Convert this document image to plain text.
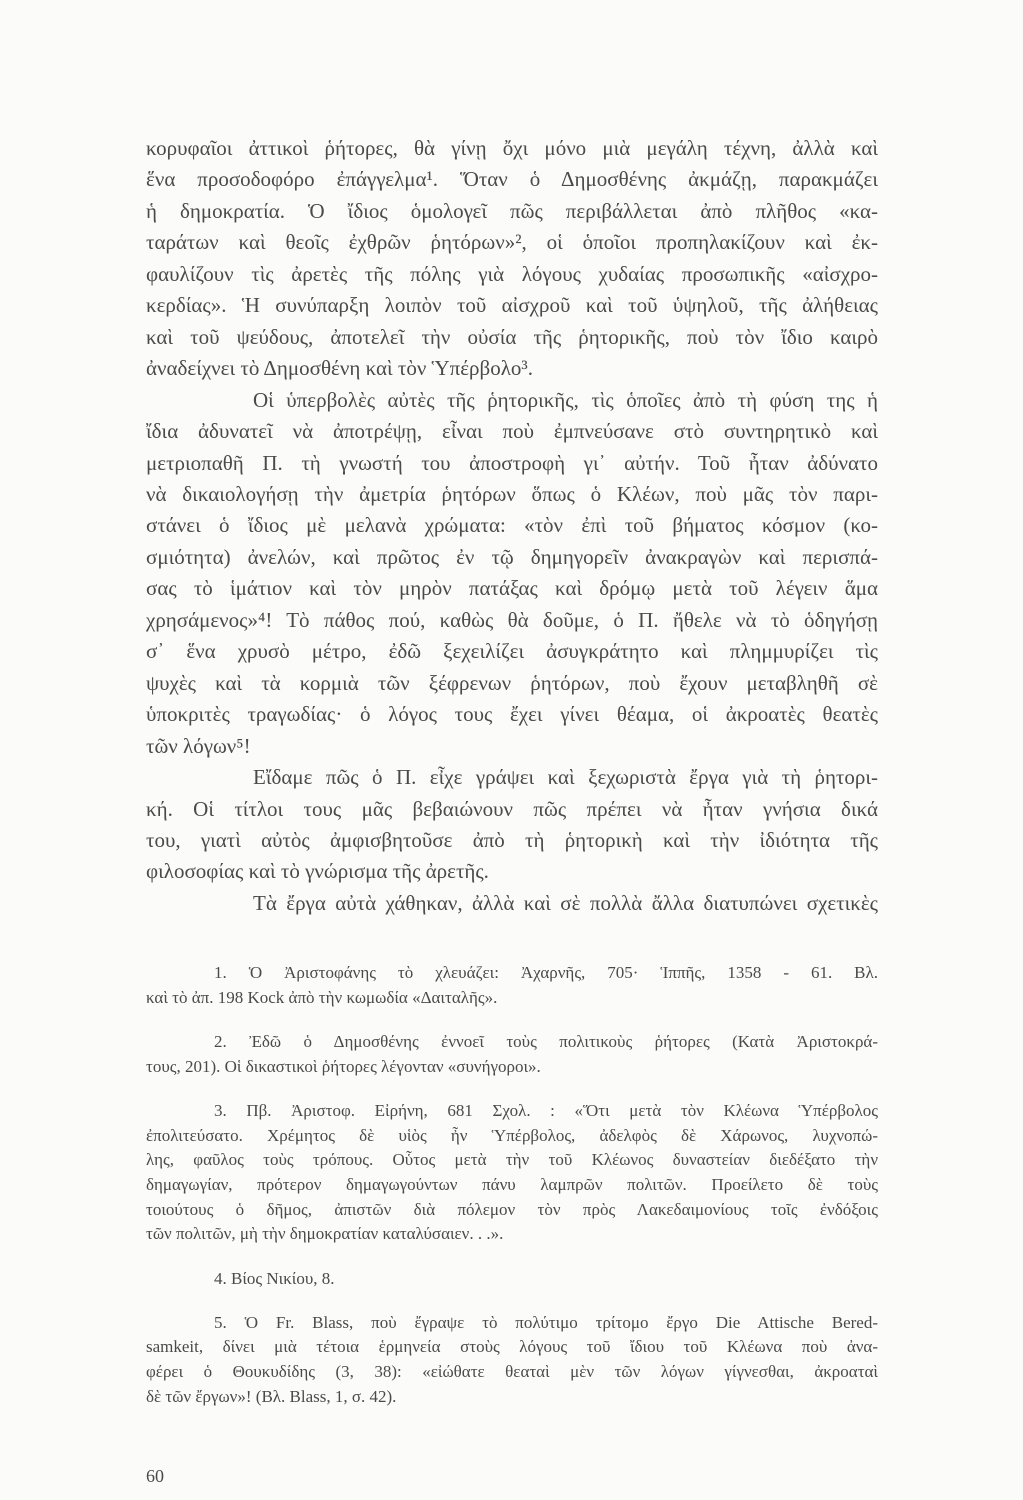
κορυφαῖοι ἀττικοὶ ῥήτορες, θὰ γίνῃ ὄχι μόνο μιὰ μεγάλη τέχνη, ἀλλὰ καὶ
ἕνα προσοδοφόρο ἐπάγγελμα¹. Ὅταν ὁ Δημοσθένης ἀκμάζῃ, παρακμάζει
ἡ δημοκρατία. Ὁ ἴδιος ὁμολογεῖ πῶς περιβάλλεται ἀπὸ πλῆθος «κα-
ταράτων καὶ θεοῖς ἐχθρῶν ῥητόρων»², οἱ ὁποῖοι προπηλακίζουν καὶ ἐκ-
φαυλίζουν τὶς ἀρετὲς τῆς πόλης γιὰ λόγους χυδαίας προσωπικῆς «αἰσχρο-
κερδίας». Ἡ συνύπαρξη λοιπὸν τοῦ αἰσχροῦ καὶ τοῦ ὑψηλοῦ, τῆς ἀλήθειας
καὶ τοῦ ψεύδους, ἀποτελεῖ τὴν οὐσία τῆς ῥητορικῆς, ποὺ τὸν ἴδιο καιρὸ
ἀναδείχνει τὸ Δημοσθένη καὶ τὸν Ὑπέρβολο³.
Οἱ ὑπερβολὲς αὐτὲς τῆς ῥητορικῆς, τὶς ὁποῖες ἀπὸ τὴ φύση της ἡ
ἴδια ἀδυνατεῖ νὰ ἀποτρέψῃ, εἶναι ποὺ ἐμπνεύσανε στὸ συντηρητικὸ καὶ
μετριοπαθῆ Π. τὴ γνωστή του ἀποστροφὴ γι᾽ αὐτήν. Τοῦ ἦταν ἀδύνατο
νὰ δικαιολογήσῃ τὴν ἀμετρία ῥητόρων ὅπως ὁ Κλέων, ποὺ μᾶς τὸν παρι-
στάνει ὁ ἴδιος μὲ μελανὰ χρώματα: «τὸν ἐπὶ τοῦ βήματος κόσμον (κο-
σμιότητα) ἀνελών, καὶ πρῶτος ἐν τῷ δημηγορεῖν ἀνακραγὼν καὶ περισπά-
σας τὸ ἱμάτιον καὶ τὸν μηρὸν πατάξας καὶ δρόμῳ μετὰ τοῦ λέγειν ἅμα
χρησάμενος»⁴! Τὸ πάθος πού, καθὼς θὰ δοῦμε, ὁ Π. ἤθελε νὰ τὸ ὁδηγήσῃ
σ᾽ ἕνα χρυσὸ μέτρο, ἐδῶ ξεχειλίζει ἀσυγκράτητο καὶ πλημμυρίζει τὶς
ψυχὲς καὶ τὰ κορμιὰ τῶν ξέφρενων ῥητόρων, ποὺ ἔχουν μεταβληθῆ σὲ
ὑποκριτὲς τραγωδίας· ὁ λόγος τους ἔχει γίνει θέαμα, οἱ ἀκροατὲς θεατὲς
τῶν λόγων⁵!
Εἴδαμε πῶς ὁ Π. εἶχε γράψει καὶ ξεχωριστὰ ἔργα γιὰ τὴ ῥητορι-
κή. Οἱ τίτλοι τους μᾶς βεβαιώνουν πῶς πρέπει νὰ ἦταν γνήσια δικά
του, γιατὶ αὐτὸς ἀμφισβητοῦσε ἀπὸ τὴ ῥητορικὴ καὶ τὴν ἰδιότητα τῆς
φιλοσοφίας καὶ τὸ γνώρισμα τῆς ἀρετῆς.
Τὰ ἔργα αὐτὰ χάθηκαν, ἀλλὰ καὶ σὲ πολλὰ ἄλλα διατυπώνει σχετικὲς
1. Ὁ Ἀριστοφάνης τὸ χλευάζει: Ἀχαρνῆς, 705· Ἱππῆς, 1358 - 61. Βλ.
καὶ τὸ ἀπ. 198 Kock ἀπὸ τὴν κωμωδία «Δαιταλῆς».
2. Ἐδῶ ὁ Δημοσθένης ἐννοεῖ τοὺς πολιτικοὺς ῥήτορες (Κατὰ Ἀριστοκρά-
τους, 201). Οἱ δικαστικοὶ ῥήτορες λέγονταν «συνήγοροι».
3. Πβ. Ἀριστοφ. Εἰρήνη, 681 Σχολ. : «Ὅτι μετὰ τὸν Κλέωνα Ὑπέρβολος
ἐπολιτεύσατο. Χρέμητος δὲ υἱὸς ἦν Ὑπέρβολος, ἀδελφὸς δὲ Χάρωνος, λυχνοπώ-
λης, φαῦλος τοὺς τρόπους. Οὗτος μετὰ τὴν τοῦ Κλέωνος δυναστείαν διεδέξατο τὴν
δημαγωγίαν, πρότερον δημαγωγούντων πάνυ λαμπρῶν πολιτῶν. Προείλετο δὲ τοὺς
τοιούτους ὁ δῆμος, ἀπιστῶν διὰ πόλεμον τὸν πρὸς Λακεδαιμονίους τοῖς ἐνδόξοις
τῶν πολιτῶν, μὴ τὴν δημοκρατίαν καταλύσαιεν. . .».
4. Βίος Νικίου, 8.
5. Ὁ Fr. Blass, ποὺ ἔγραψε τὸ πολύτιμο τρίτομο ἔργο Die Attische Bered-
samkeit, δίνει μιὰ τέτοια ἑρμηνεία στοὺς λόγους τοῦ ἴδιου τοῦ Κλέωνα ποὺ ἀνα-
φέρει ὁ Θουκυδίδης (3, 38): «εἰώθατε θεαταὶ μὲν τῶν λόγων γίγνεσθαι, ἀκροαταὶ
δὲ τῶν ἔργων»! (Βλ. Blass, 1, σ. 42).
60
